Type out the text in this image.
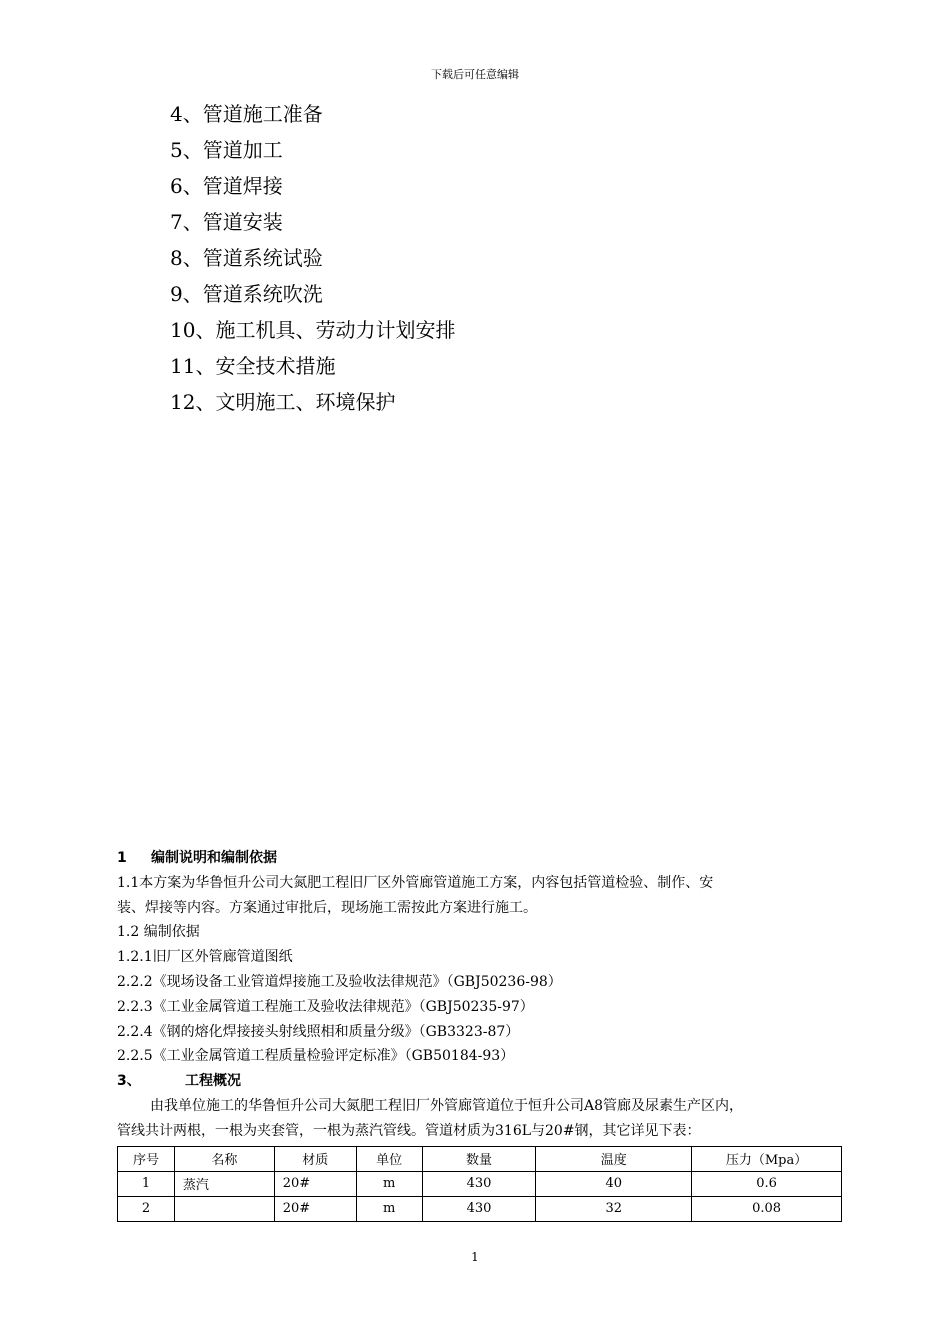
下载后可任意编辑
4、管道施工准备
5、管道加工
6、管道焊接
7、管道安装
8、管道系统试验
9、管道系统吹洗
10、施工机具、劳动力计划安排
11、安全技术措施
12、文明施工、环境保护
1 编制说明和编制依据
1.1本方案为华鲁恒升公司大氮肥工程旧厂区外管廊管道施工方案，内容包括管道检验、制作、安
装、焊接等内容。方案通过审批后，现场施工需按此方案进行施工。
1.2 编制依据
1.2.1旧厂区外管廊管道图纸
2.2.2《现场设备工业管道焊接施工及验收法律规范》（GBJ50236-98）
2.2.3《工业金属管道工程施工及验收法律规范》（GBJ50235-97）
2.2.4《钢的熔化焊接接头射线照相和质量分级》（GB3323-87）
2.2.5《工业金属管道工程质量检验评定标准》（GB50184-93）
3、	工程概况
由我单位施工的华鲁恒升公司大氮肥工程旧厂外管廊管道位于恒升公司A8管廊及尿素生产区内，
管线共计两根，一根为夹套管，一根为蒸汽管线。管道材质为316L与20#钢，其它详见下表：
序号	名称	材质	单位	数量	温度	压力（Mpa）
1	蒸汽	20#	m	430	40	0.6
2		20#	m	430	32	0.08
1
